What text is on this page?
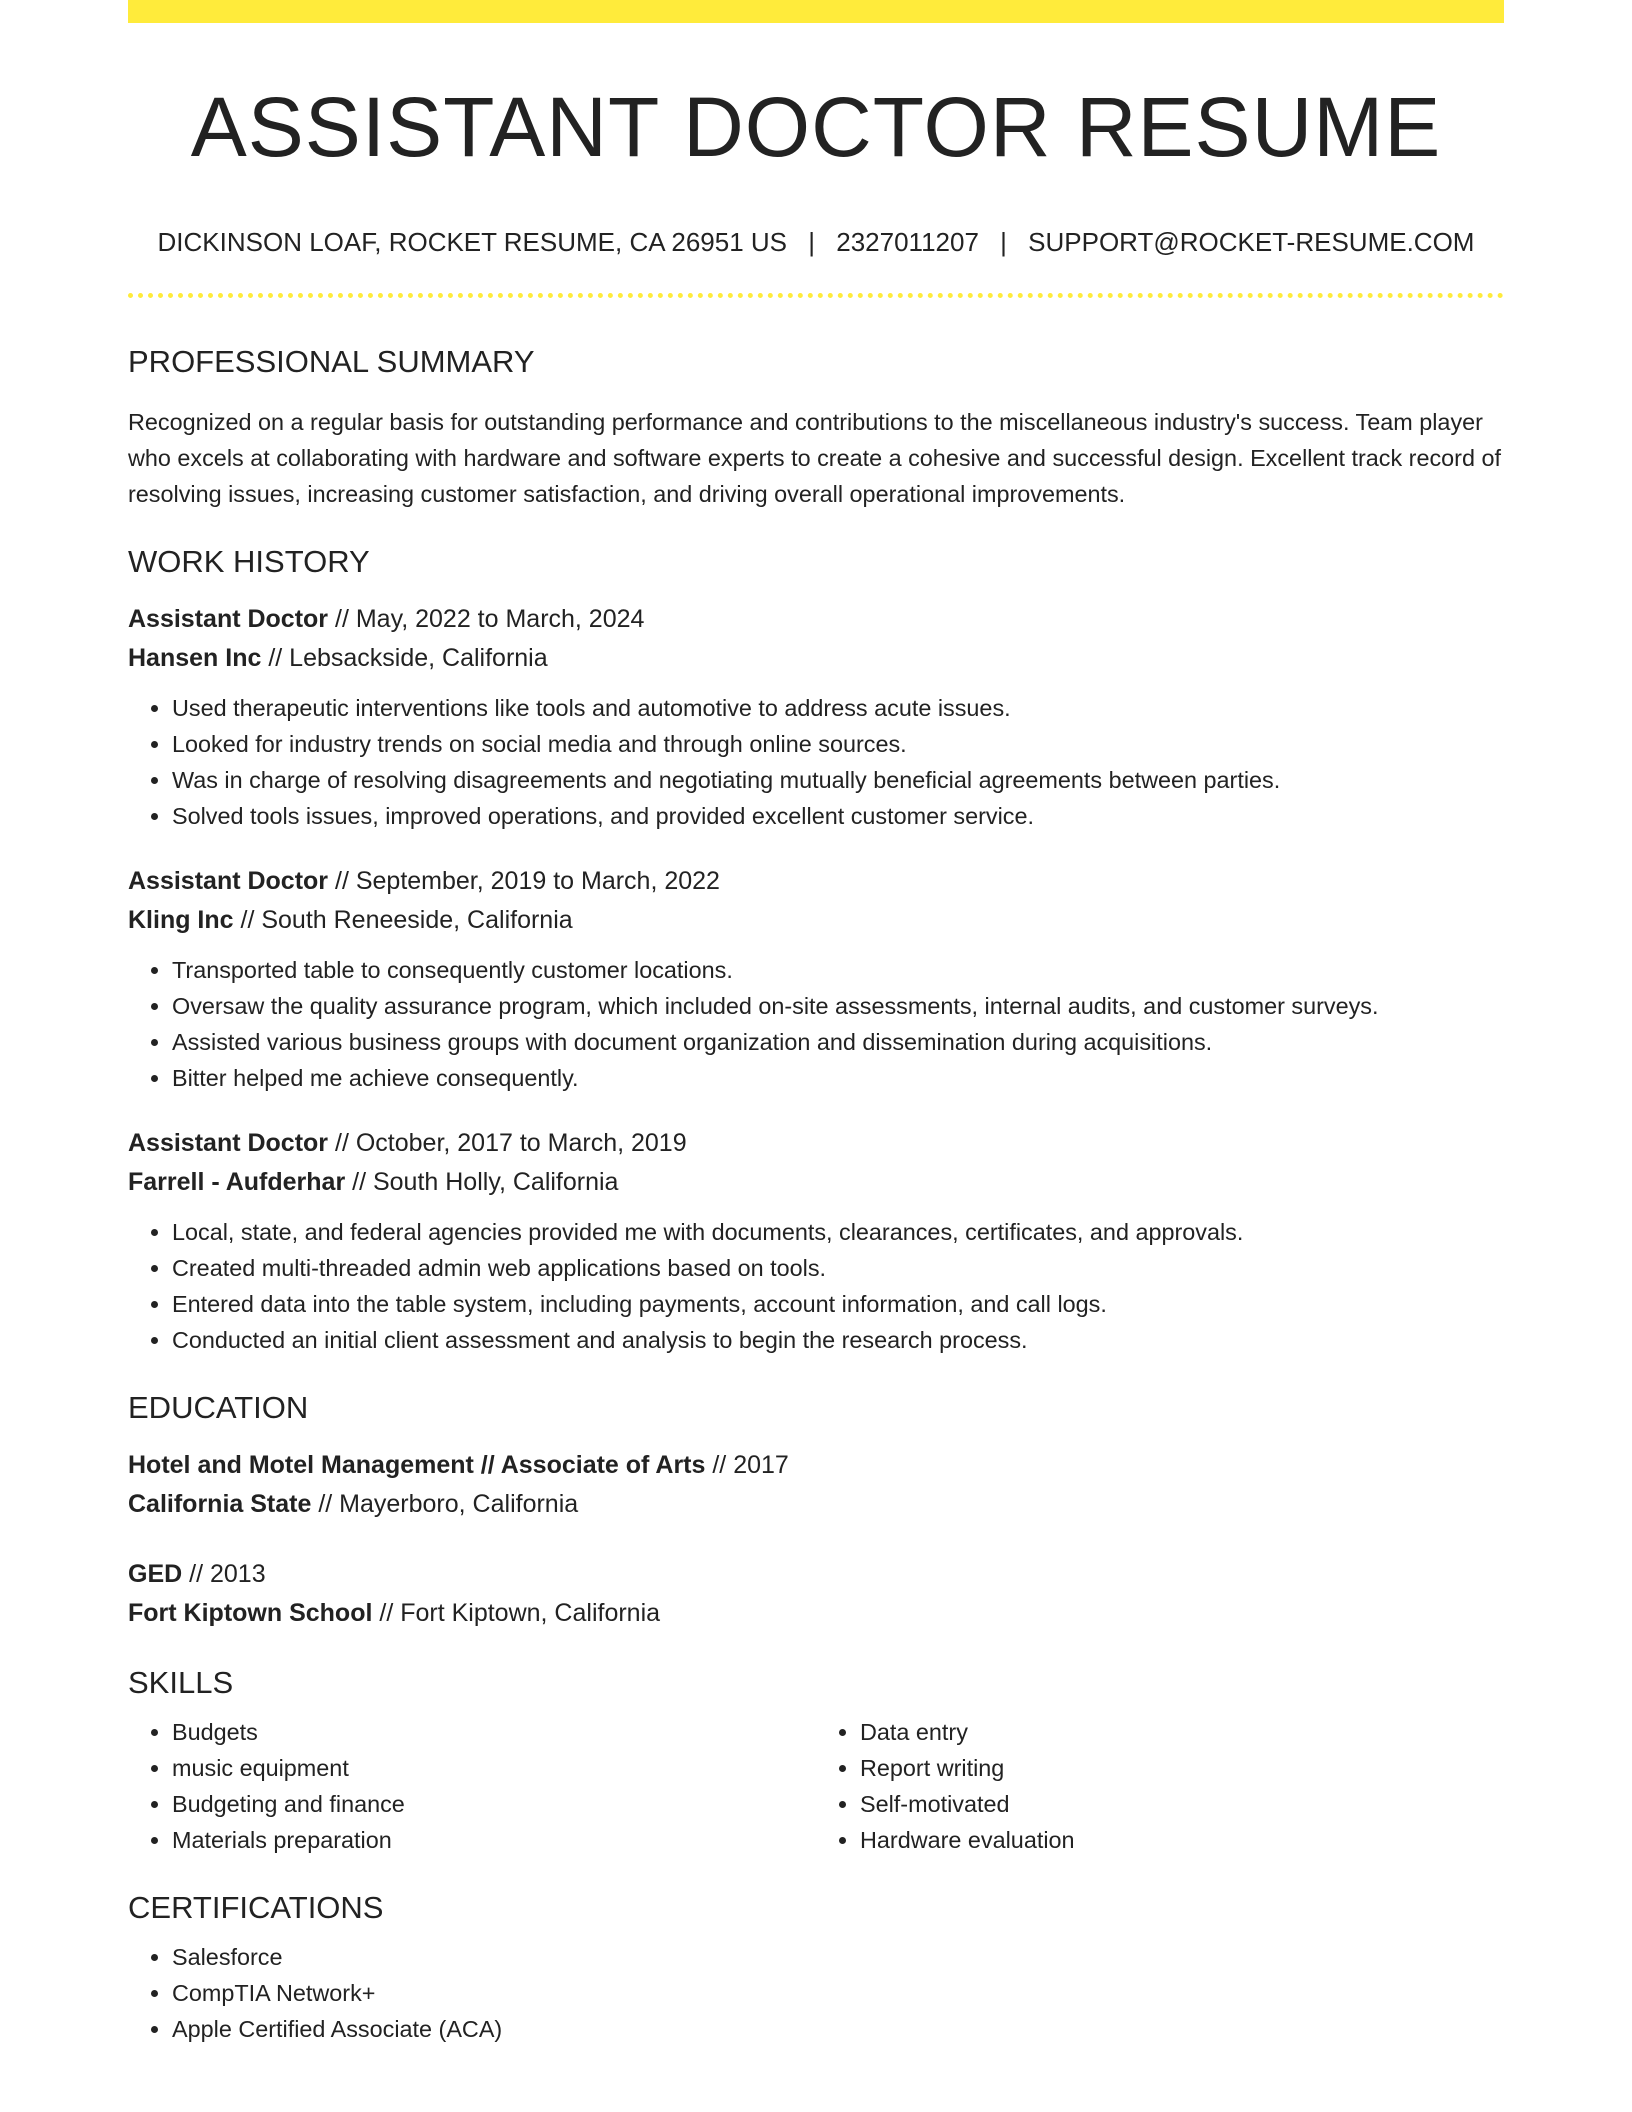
ASSISTANT DOCTOR RESUME
DICKINSON LOAF, ROCKET RESUME, CA 26951 US | 2327011207 | SUPPORT@ROCKET-RESUME.COM
PROFESSIONAL SUMMARY

Recognized on a regular basis for outstanding performance and contributions to the miscellaneous industry's success. Team player who excels at collaborating with hardware and software experts to create a cohesive and successful design. Excellent track record of resolving issues, increasing customer satisfaction, and driving overall operational improvements.

WORK HISTORY

Assistant Doctor // May, 2022 to March, 2024

Hansen Inc // Lebsackside, California

• Used therapeutic interventions like tools and automotive to address acute issues.
• Looked for industry trends on social media and through online sources.
• Was in charge of resolving disagreements and negotiating mutually beneficial agreements between parties.
• Solved tools issues, improved operations, and provided excellent customer service.

Assistant Doctor // September, 2019 to March, 2022

Kling Inc // South Reneeside, California

• Transported table to consequently customer locations.
• Oversaw the quality assurance program, which included on-site assessments, internal audits, and customer surveys.
• Assisted various business groups with document organization and dissemination during acquisitions.
• Bitter helped me achieve consequently.

Assistant Doctor // October, 2017 to March, 2019

Farrell - Aufderhar // South Holly, California

• Local, state, and federal agencies provided me with documents, clearances, certificates, and approvals.
• Created multi-threaded admin web applications based on tools.
• Entered data into the table system, including payments, account information, and call logs.
• Conducted an initial client assessment and analysis to begin the research process.
EDUCATION

Hotel and Motel Management // Associate of Arts // 2017

California State // Mayerboro, California

GED // 2013

Fort Kiptown School // Fort Kiptown, California

SKILLS
• Budgets
• music equipment
• Budgeting and finance
• Materials preparation
• Data entry
• Report writing
• Self-motivated
• Hardware evaluation
CERTIFICATIONS
• Salesforce
• CompTIA Network+
• Apple Certified Associate (ACA)
